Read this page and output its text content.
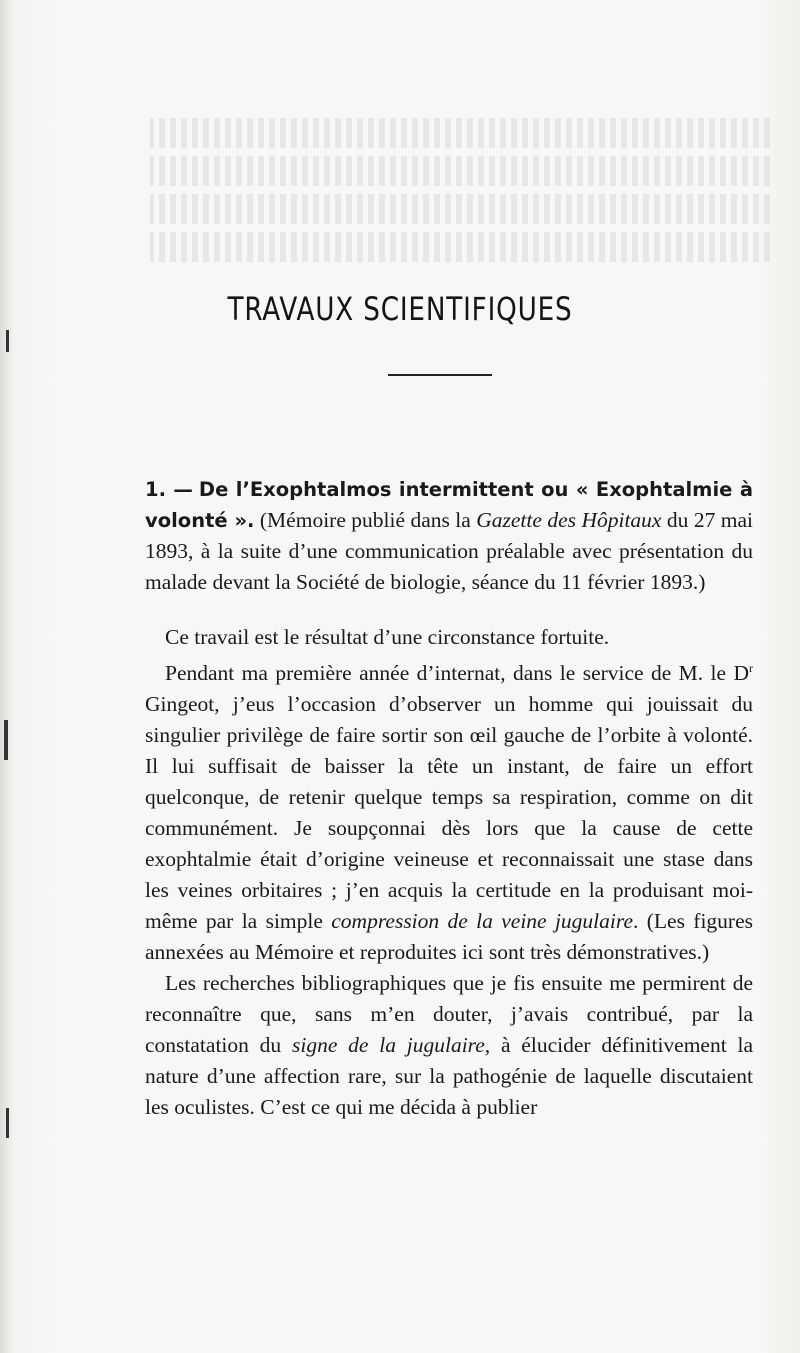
TRAVAUX SCIENTIFIQUES

1. — De l’Exophtalmos intermittent ou « Exophtalmie à volonté ». (Mémoire publié dans la Gazette des Hôpitaux du 27 mai 1893, à la suite d’une communication préalable avec présentation du malade devant la Société de biologie, séance du 11 février 1893.)

Ce travail est le résultat d’une circonstance fortuite.

Pendant ma première année d’internat, dans le service de M. le $D^r$ Gingeot, j’eus l’occasion d’observer un homme qui jouissait du singulier privilège de faire sortir son œil gauche de l’orbite à volonté. Il lui suffisait de baisser la tête un instant, de faire un effort quelconque, de retenir quelque temps sa respiration, comme on dit communément. Je soupçonnai dès lors que la cause de cette exophtalmie était d’origine veineuse et reconnaissait une stase dans les veines orbitaires ; j’en acquis la certitude en la produisant moi-même par la simple compression de la veine jugulaire. (Les figures annexées au Mémoire et reproduites ici sont très démonstratives.)

Les recherches bibliographiques que je fis ensuite me permirent de reconnaître que, sans m’en douter, j’avais contribué, par la constatation du signe de la jugulaire, à élucider définitivement la nature d’une affection rare, sur la pathogénie de laquelle discutaient les oculistes. C’est ce qui me décida à publier
